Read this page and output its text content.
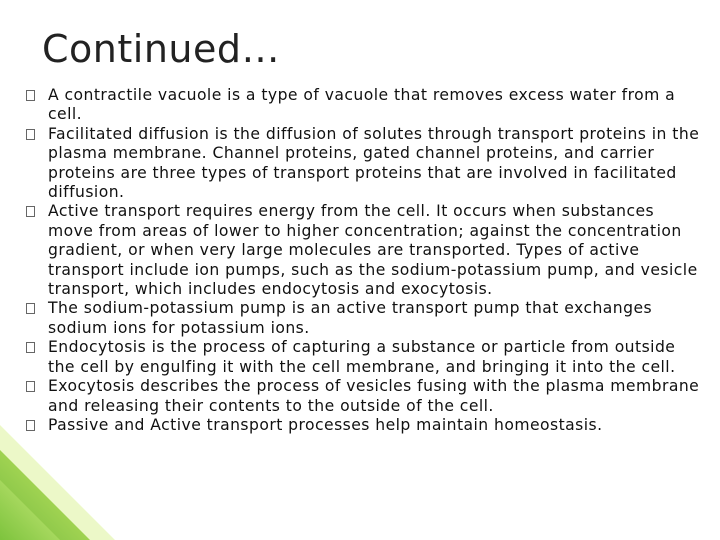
Continued…
A contractile vacuole is a type of vacuole that removes excess water from a cell.
Facilitated diffusion is the diffusion of solutes through transport proteins in the plasma membrane. Channel proteins, gated channel proteins, and carrier proteins are three types of transport proteins that are involved in facilitated diffusion.
Active transport requires energy from the cell. It occurs when substances move from areas of lower to higher concentration; against the concentration gradient, or when very large molecules are transported. Types of active transport include ion pumps, such as the sodium-potassium pump, and vesicle transport, which includes endocytosis and exocytosis.
The sodium-potassium pump is an active transport pump that exchanges sodium ions for potassium ions.
Endocytosis is the process of capturing a substance or particle from outside the cell by engulfing it with the cell membrane, and bringing it into the cell.
Exocytosis describes the process of vesicles fusing with the plasma membrane and releasing their contents to the outside of the cell.
Passive and Active transport processes help maintain homeostasis.
